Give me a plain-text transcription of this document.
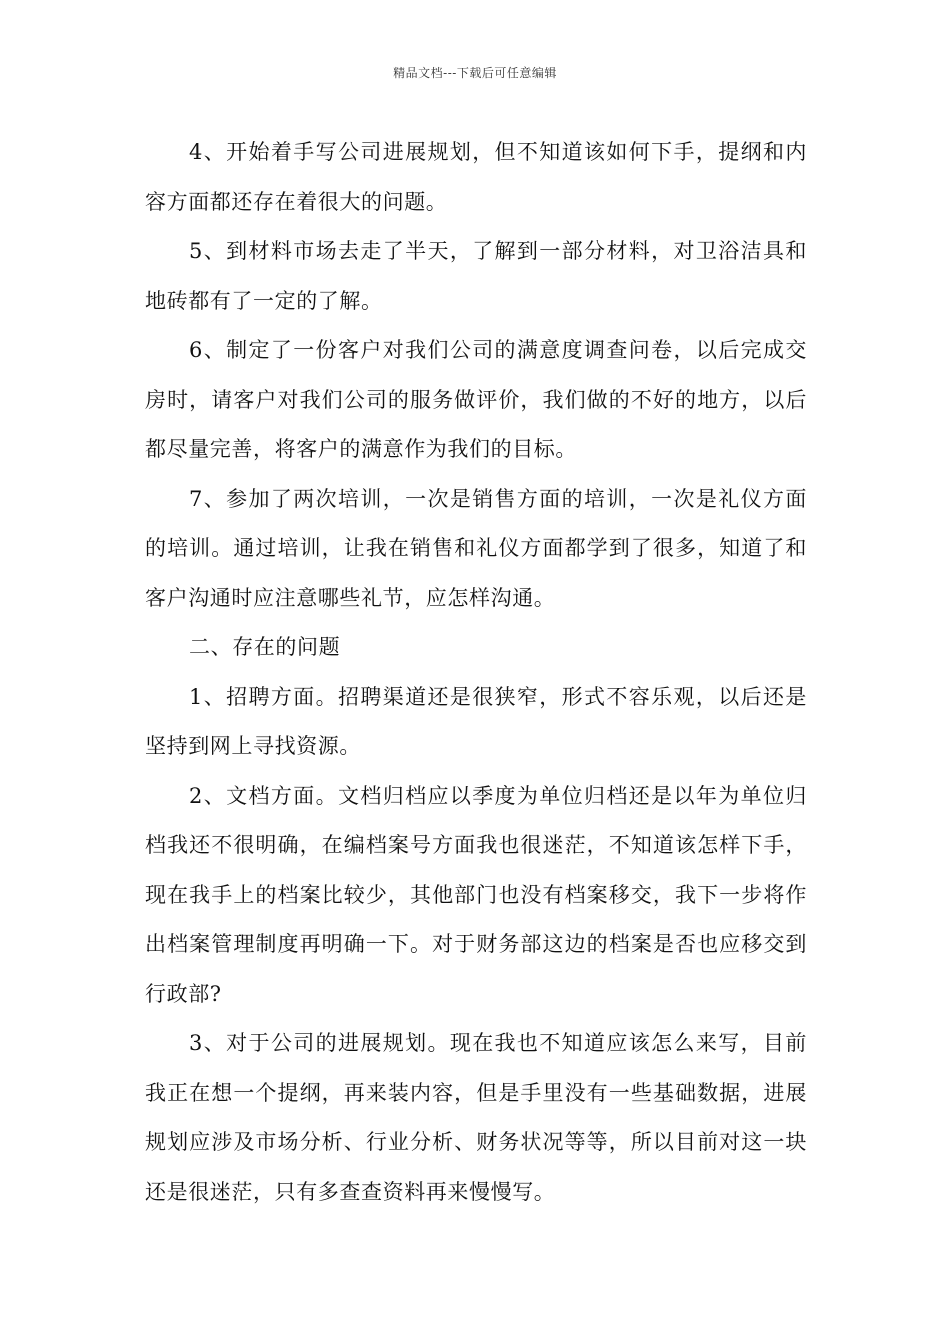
精品文档---下载后可任意编辑

4、开始着手写公司进展规划，但不知道该如何下手，提纲和内容方面都还存在着很大的问题。

5、到材料市场去走了半天，了解到一部分材料，对卫浴洁具和地砖都有了一定的了解。

6、制定了一份客户对我们公司的满意度调查问卷，以后完成交房时，请客户对我们公司的服务做评价，我们做的不好的地方，以后都尽量完善，将客户的满意作为我们的目标。

7、参加了两次培训，一次是销售方面的培训，一次是礼仪方面的培训。通过培训，让我在销售和礼仪方面都学到了很多，知道了和客户沟通时应注意哪些礼节，应怎样沟通。

二、存在的问题

1、招聘方面。招聘渠道还是很狭窄，形式不容乐观，以后还是坚持到网上寻找资源。

2、文档方面。文档归档应以季度为单位归档还是以年为单位归档我还不很明确，在编档案号方面我也很迷茫，不知道该怎样下手，现在我手上的档案比较少，其他部门也没有档案移交，我下一步将作出档案管理制度再明确一下。对于财务部这边的档案是否也应移交到行政部?

3、对于公司的进展规划。现在我也不知道应该怎么来写，目前我正在想一个提纲，再来装内容，但是手里没有一些基础数据，进展规划应涉及市场分析、行业分析、财务状况等等，所以目前对这一块还是很迷茫，只有多查查资料再来慢慢写。
